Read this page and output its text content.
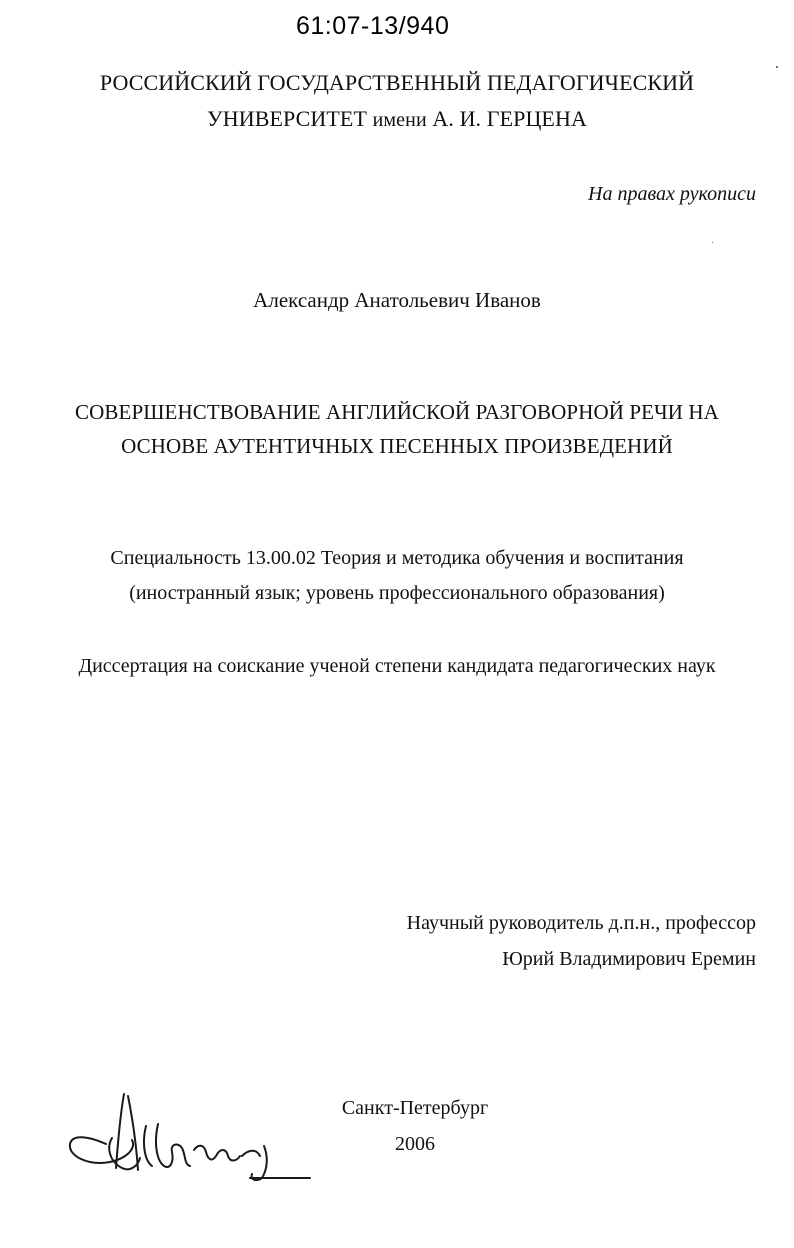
61:07-13/940
РОССИЙСКИЙ ГОСУДАРСТВЕННЫЙ ПЕДАГОГИЧЕСКИЙ
УНИВЕРСИТЕТ имени А. И. ГЕРЦЕНА
На правах рукописи
Александр Анатольевич Иванов
СОВЕРШЕНСТВОВАНИЕ АНГЛИЙСКОЙ РАЗГОВОРНОЙ РЕЧИ НА
ОСНОВЕ АУТЕНТИЧНЫХ ПЕСЕННЫХ ПРОИЗВЕДЕНИЙ
Специальность 13.00.02 Теория и методика обучения и воспитания
(иностранный язык; уровень профессионального образования)
Диссертация на соискание ученой степени кандидата педагогических наук
Научный руководитель д.п.н., профессор
Юрий Владимирович Еремин
Санкт-Петербург
2006
